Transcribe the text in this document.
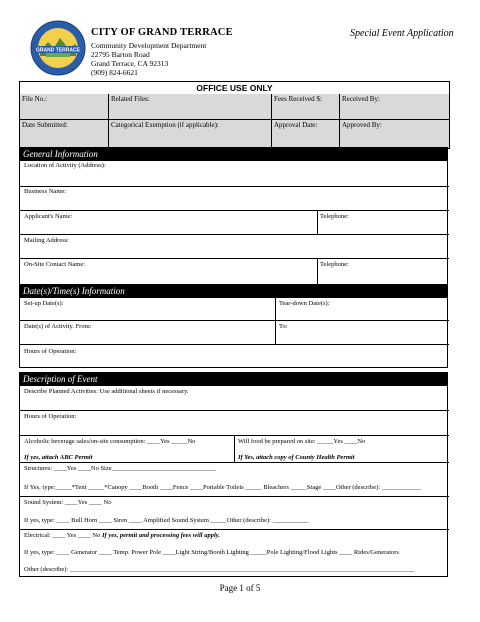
GRAND TERRACE
CITY OF GRAND TERRACE
Community Development Department
22795 Barton Road
Grand Terrace, CA 92313
(909) 824-6621
Special Event Application
OFFICE USE ONLY
File No.:	Related Files:	Fees Received $:	Received By:
Date Submitted:	Categorical Exemption (if applicable):	Approval Date:	Approved By:
General Information
Location of Activity (Address):
Business Name:
Applicant's Name:	Telephone:
Mailing Address:
On-Site Contact Name:	Telephone:
Date(s)/Time(s) Information
Set-up Date(s):	Tear-down Date(s):
Date(s) of Activity. From:	To:
Hours of Operation:
Description of Event
Describe Planned Activities: Use additional sheets if necessary.
Hours of Operation:
Alcoholic beverage sales/on-site consumption: ____Yes _____No
If yes, attach ABC Permit
Will food be prepared on site: _____Yes ____No
If Yes, attach copy of County Health Permit
Structures: ____Yes ____No Size________________________________
If Yes, type:_____*Tent _____*Canopy ____Booth ____Fence ____Portable Toilets _____ Bleachers _____Stage ____Other (describe): ____________
Sound System: ____Yes ____ No
If yes, type: ____ Bull Horn ____ Siren ____ Amplified Sound System _____Other (describe): ___________
Electrical: ____ Yes ____ No If yes, permit and processing fees will apply.
If yes, type: ____ Generator ____ Temp. Power Pole ____Light String/Booth Lighting _____Pole Lighting/Flood Lights ____ Rides/Generators
Other (describe): __________________________________________________________________________________________________________
Page 1 of 5
